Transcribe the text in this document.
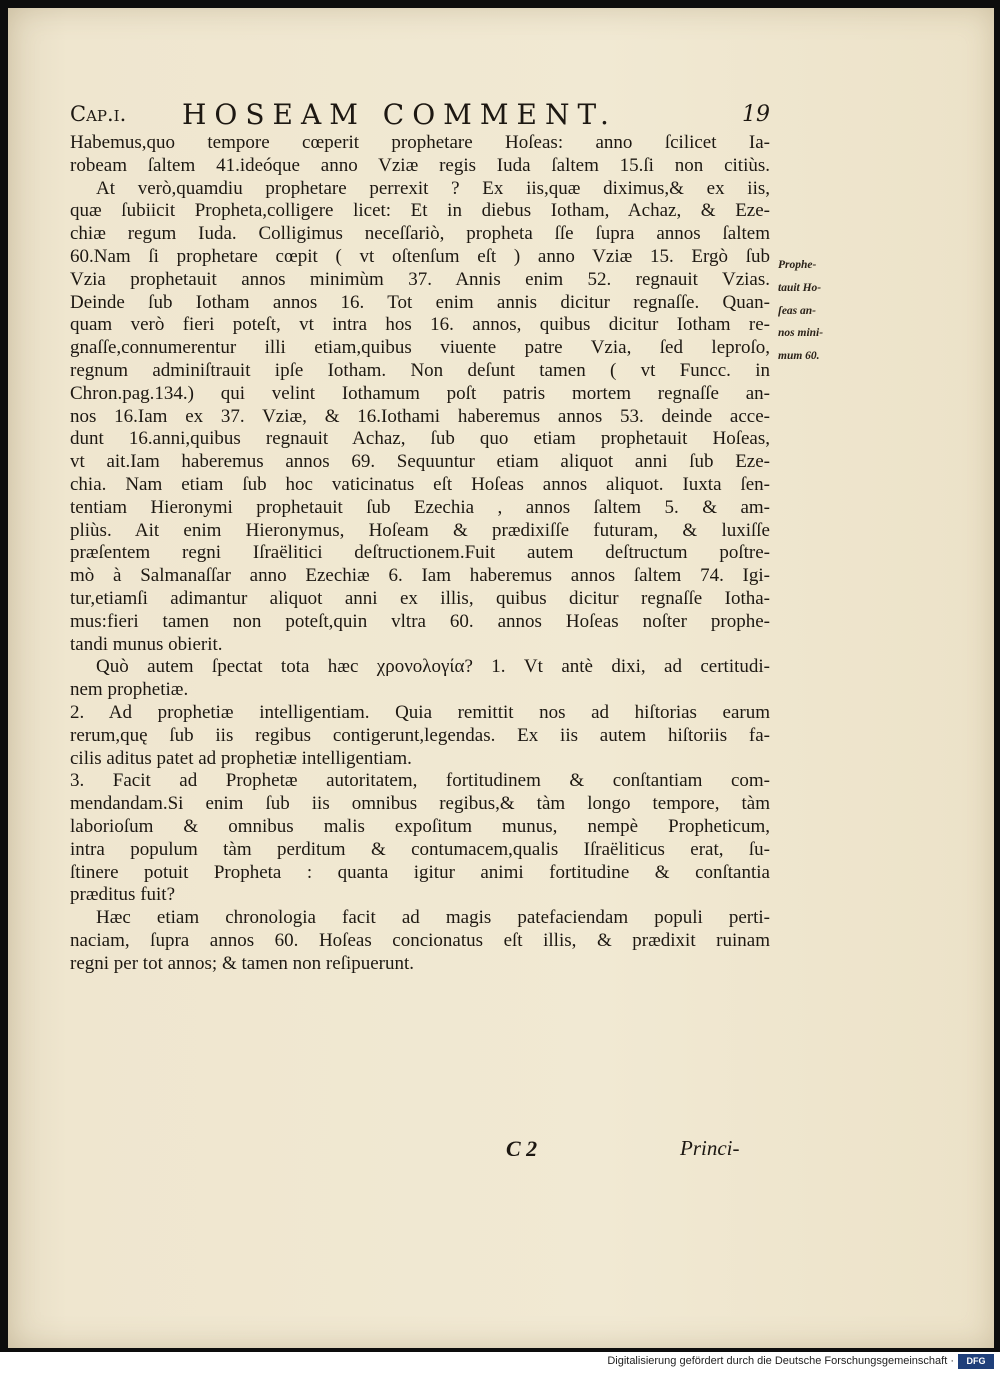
Cap.i. HOSEAM COMMENT.	19
Habemus,quo tempore cœperit prophetare Hoſeas: anno ſcilicet Ia-
robeam ſaltem 41.ideóque anno Vziæ regis Iuda ſaltem 15.ſi non citiùs.
At verò,quamdiu prophetare perrexit ? Ex iis,quæ diximus,& ex iis,
quæ ſubiicit Propheta,colligere licet: Et in diebus Iotham, Achaz, & Eze-
chiæ regum Iuda. Colligimus neceſſariò, propheta ſſe ſupra annos ſaltem
60.Nam ſi prophetare cœpit ( vt oſtenſum eſt ) anno Vziæ 15. Ergò ſub
Vzia prophetauit annos minimùm 37. Annis enim 52. regnauit Vzias.
Deinde ſub Iotham annos 16. Tot enim annis dicitur regnaſſe. Quan-
quam verò fieri poteſt, vt intra hos 16. annos, quibus dicitur Iotham re-
gnaſſe,connumerentur illi etiam,quibus viuente patre Vzia, ſed leproſo,
regnum adminiſtrauit ipſe Iotham. Non deſunt tamen ( vt Funcc. in
Chron.pag.134.) qui velint Iothamum poſt patris mortem regnaſſe an-
nos 16.Iam ex 37. Vziæ, & 16.Iothami haberemus annos 53. deinde acce-
dunt 16.anni,quibus regnauit Achaz, ſub quo etiam prophetauit Hoſeas,
vt ait.Iam haberemus annos 69. Sequuntur etiam aliquot anni ſub Eze-
chia. Nam etiam ſub hoc vaticinatus eſt Hoſeas annos aliquot. Iuxta ſen-
tentiam Hieronymi prophetauit ſub Ezechia , annos ſaltem 5. & am-
pliùs. Ait enim Hieronymus, Hoſeam & prædixiſſe futuram, & luxiſſe
præſentem regni Iſraëlitici deſtructionem.Fuit autem deſtructum poſtre-
mò à Salmanaſſar anno Ezechiæ 6. Iam haberemus annos ſaltem 74. Igi-
tur,etiamſi adimantur aliquot anni ex illis, quibus dicitur regnaſſe Iotha-
mus:fieri tamen non poteſt,quin vltra 60. annos Hoſeas noſter prophe-
tandi munus obierit.
Quò autem ſpectat tota hæc χρονολογία? 1. Vt antè dixi, ad certitudi-
nem prophetiæ.
2. Ad prophetiæ intelligentiam. Quia remittit nos ad hiſtorias earum
rerum,quę ſub iis regibus contigerunt,legendas. Ex iis autem hiſtoriis fa-
cilis aditus patet ad prophetiæ intelligentiam.
3. Facit ad Prophetæ autoritatem, fortitudinem & conſtantiam com-
mendandam.Si enim ſub iis omnibus regibus,& tàm longo tempore, tàm
laborioſum & omnibus malis expoſitum munus, nempè Propheticum,
intra populum tàm perditum & contumacem,qualis Iſraëliticus erat, ſu-
ſtinere potuit Propheta : quanta igitur animi fortitudine & conſtantia
præditus fuit?
Hæc etiam chronologia facit ad magis patefaciendam populi perti-
naciam, ſupra annos 60. Hoſeas concionatus eſt illis, & prædixit ruinam
regni per tot annos; & tamen non reſipuerunt.
Prophe-
tauit Ho-
ſeas an-
nos mini-
mum 60.
C 2	Princi-
Digitalisierung gefördert durch die Deutsche Forschungsgemeinschaft ·	DFG
